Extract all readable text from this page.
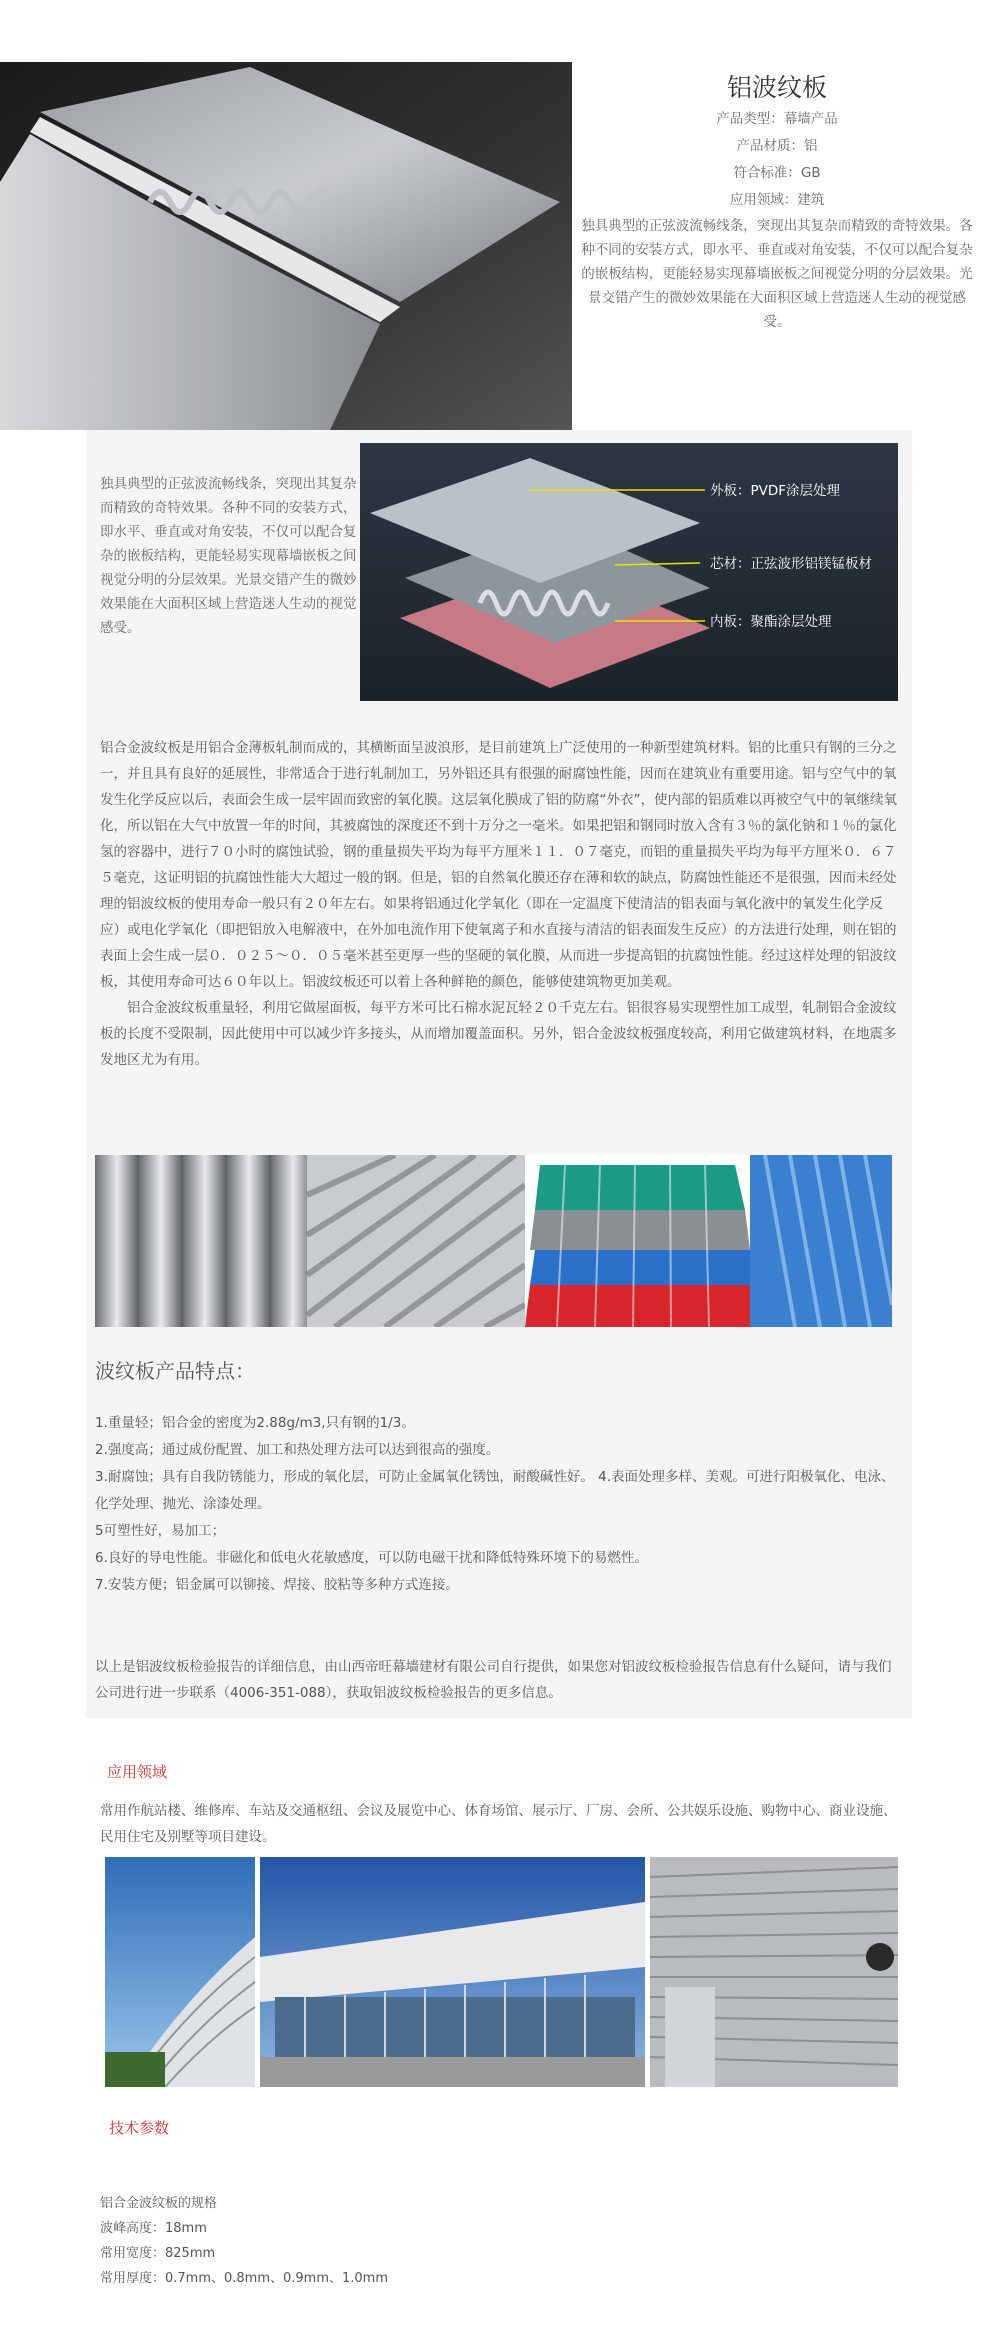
铝波纹板
产品类型：幕墙产品
产品材质：铝
符合标准：GB
应用领域：建筑
独具典型的正弦波流畅线条，突现出其复杂而精致的奇特效果。各种不同的安装方式，即水平、垂直或对角安装，不仅可以配合复杂的嵌板结构，更能轻易实现幕墙嵌板之间视觉分明的分层效果。光景交错产生的微妙效果能在大面积区域上营造迷人生动的视觉感受。
独具典型的正弦波流畅线条，突现出其复杂而精致的奇特效果。各种不同的安装方式，即水平、垂直或对角安装，不仅可以配合复杂的嵌板结构，更能轻易实现幕墙嵌板之间视觉分明的分层效果。光景交错产生的微妙效果能在大面积区域上营造迷人生动的视觉感受。
外板：PVDF涂层处理
芯材：正弦波形铝镁锰板材
内板：聚酯涂层处理

铝合金波纹板是用铝合金薄板轧制而成的，其横断面呈波浪形，是目前建筑上广泛使用的一种新型建筑材料。铝的比重只有钢的三分之一，并且具有良好的延展性，非常适合于进行轧制加工，另外铝还具有很强的耐腐蚀性能，因而在建筑业有重要用途。铝与空气中的氧发生化学反应以后，表面会生成一层牢固而致密的氧化膜。这层氧化膜成了铝的防腐“外衣”，使内部的铝质难以再被空气中的氧继续氧化，所以铝在大气中放置一年的时间，其被腐蚀的深度还不到十万分之一毫米。如果把铝和钢同时放入含有３％的氯化钠和１％的氯化氢的容器中，进行７０小时的腐蚀试验，钢的重量损失平均为每平方厘米１１．０７毫克，而铝的重量损失平均为每平方厘米０．６７５毫克，这证明铝的抗腐蚀性能大大超过一般的钢。但是，铝的自然氧化膜还存在薄和软的缺点，防腐蚀性能还不是很强，因而未经处理的铝波纹板的使用寿命一般只有２０年左右。如果将铝通过化学氧化（即在一定温度下使清洁的铝表面与氧化液中的氧发生化学反应）或电化学氧化（即把铝放入电解液中，在外加电流作用下使氧离子和水直接与清洁的铝表面发生反应）的方法进行处理，则在铝的表面上会生成一层０．０２５～０．０５毫米甚至更厚一些的坚硬的氧化膜，从而进一步提高铝的抗腐蚀性能。经过这样处理的铝波纹板，其使用寿命可达６０年以上。铝波纹板还可以着上各种鲜艳的颜色，能够使建筑物更加美观。

铝合金波纹板重量轻，利用它做屋面板，每平方米可比石棉水泥瓦轻２０千克左右。铝很容易实现塑性加工成型，轧制铝合金波纹板的长度不受限制，因此使用中可以减少许多接头，从而增加覆盖面积。另外，铝合金波纹板强度较高，利用它做建筑材料，在地震多发地区尤为有用。

波纹板产品特点：
1.重量轻；铝合金的密度为2.88g/m3,只有钢的1/3。
2.强度高；通过成份配置、加工和热处理方法可以达到很高的强度。
3.耐腐蚀；具有自我防锈能力，形成的氧化层，可防止金属氧化锈蚀，耐酸碱性好。 4.表面处理多样、美观。可进行阳极氧化、电泳、化学处理、抛光、涂漆处理。
5可塑性好，易加工；
6.良好的导电性能。非磁化和低电火花敏感度，可以防电磁干扰和降低特殊环境下的易燃性。
7.安装方便；铝金属可以铆接、焊接、胶粘等多种方式连接。
以上是铝波纹板检验报告的详细信息，由山西帝旺幕墙建材有限公司自行提供，如果您对铝波纹板检验报告信息有什么疑问，请与我们公司进行进一步联系（4006-351-088），获取铝波纹板检验报告的更多信息。
应用领域
常用作航站楼、维修库、车站及交通枢纽、会议及展览中心、体育场馆、展示厅、厂房、会所、公共娱乐设施、购物中心、商业设施、民用住宅及别墅等项目建设。
技术参数
铝合金波纹板的规格
波峰高度：18mm
常用宽度：825mm
常用厚度：0.7mm、0.8mm、0.9mm、1.0mm
